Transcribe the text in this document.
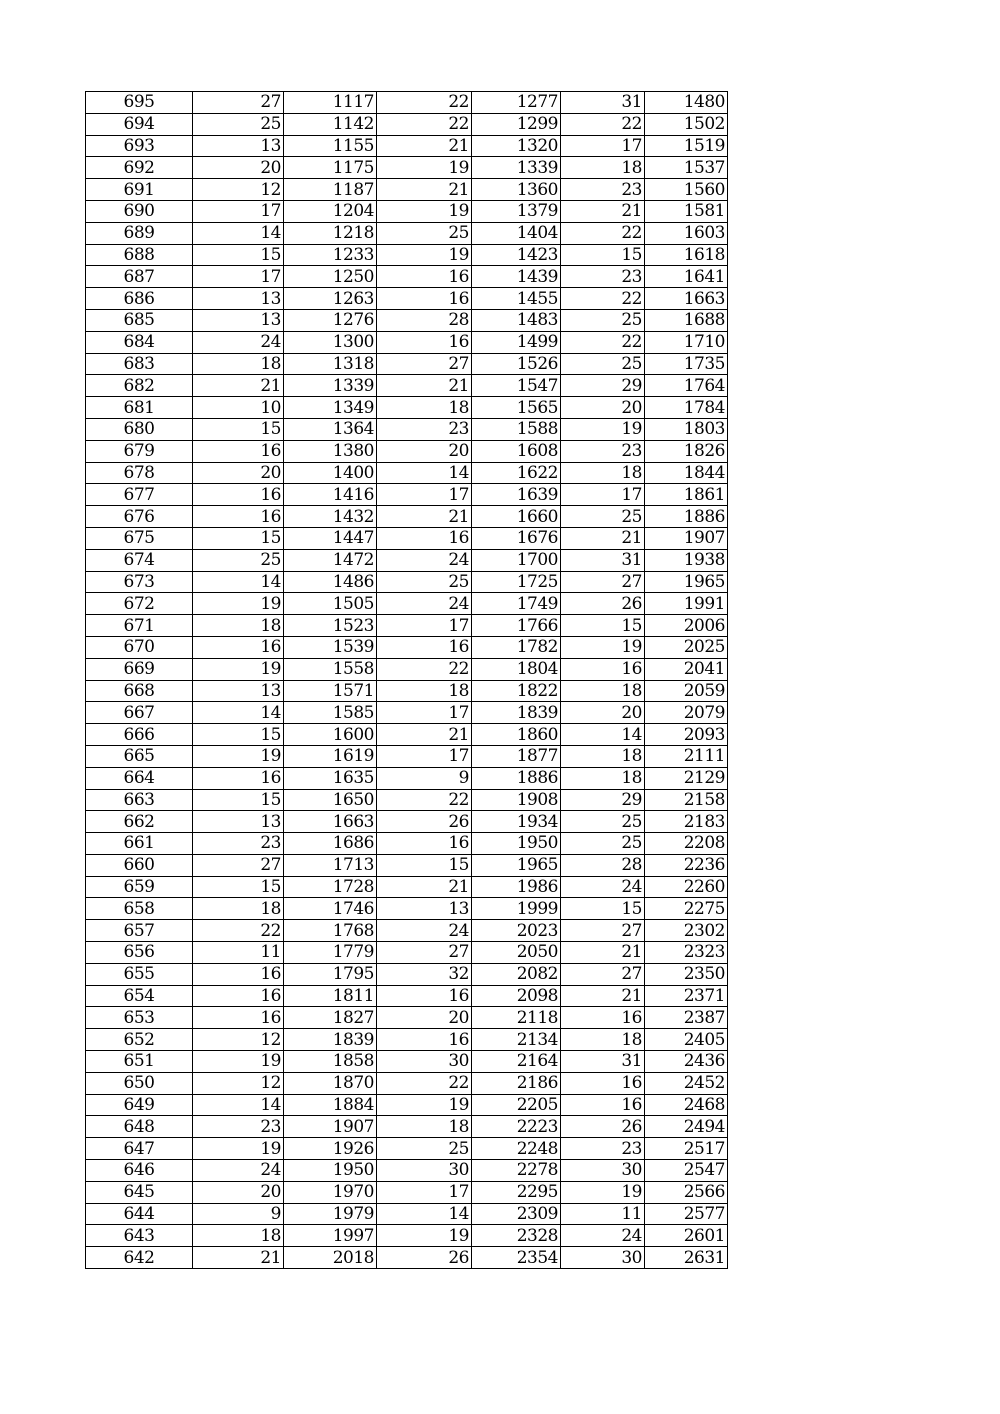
695	27	1117	22	1277	31	1480
694	25	1142	22	1299	22	1502
693	13	1155	21	1320	17	1519
692	20	1175	19	1339	18	1537
691	12	1187	21	1360	23	1560
690	17	1204	19	1379	21	1581
689	14	1218	25	1404	22	1603
688	15	1233	19	1423	15	1618
687	17	1250	16	1439	23	1641
686	13	1263	16	1455	22	1663
685	13	1276	28	1483	25	1688
684	24	1300	16	1499	22	1710
683	18	1318	27	1526	25	1735
682	21	1339	21	1547	29	1764
681	10	1349	18	1565	20	1784
680	15	1364	23	1588	19	1803
679	16	1380	20	1608	23	1826
678	20	1400	14	1622	18	1844
677	16	1416	17	1639	17	1861
676	16	1432	21	1660	25	1886
675	15	1447	16	1676	21	1907
674	25	1472	24	1700	31	1938
673	14	1486	25	1725	27	1965
672	19	1505	24	1749	26	1991
671	18	1523	17	1766	15	2006
670	16	1539	16	1782	19	2025
669	19	1558	22	1804	16	2041
668	13	1571	18	1822	18	2059
667	14	1585	17	1839	20	2079
666	15	1600	21	1860	14	2093
665	19	1619	17	1877	18	2111
664	16	1635	9	1886	18	2129
663	15	1650	22	1908	29	2158
662	13	1663	26	1934	25	2183
661	23	1686	16	1950	25	2208
660	27	1713	15	1965	28	2236
659	15	1728	21	1986	24	2260
658	18	1746	13	1999	15	2275
657	22	1768	24	2023	27	2302
656	11	1779	27	2050	21	2323
655	16	1795	32	2082	27	2350
654	16	1811	16	2098	21	2371
653	16	1827	20	2118	16	2387
652	12	1839	16	2134	18	2405
651	19	1858	30	2164	31	2436
650	12	1870	22	2186	16	2452
649	14	1884	19	2205	16	2468
648	23	1907	18	2223	26	2494
647	19	1926	25	2248	23	2517
646	24	1950	30	2278	30	2547
645	20	1970	17	2295	19	2566
644	9	1979	14	2309	11	2577
643	18	1997	19	2328	24	2601
642	21	2018	26	2354	30	2631
